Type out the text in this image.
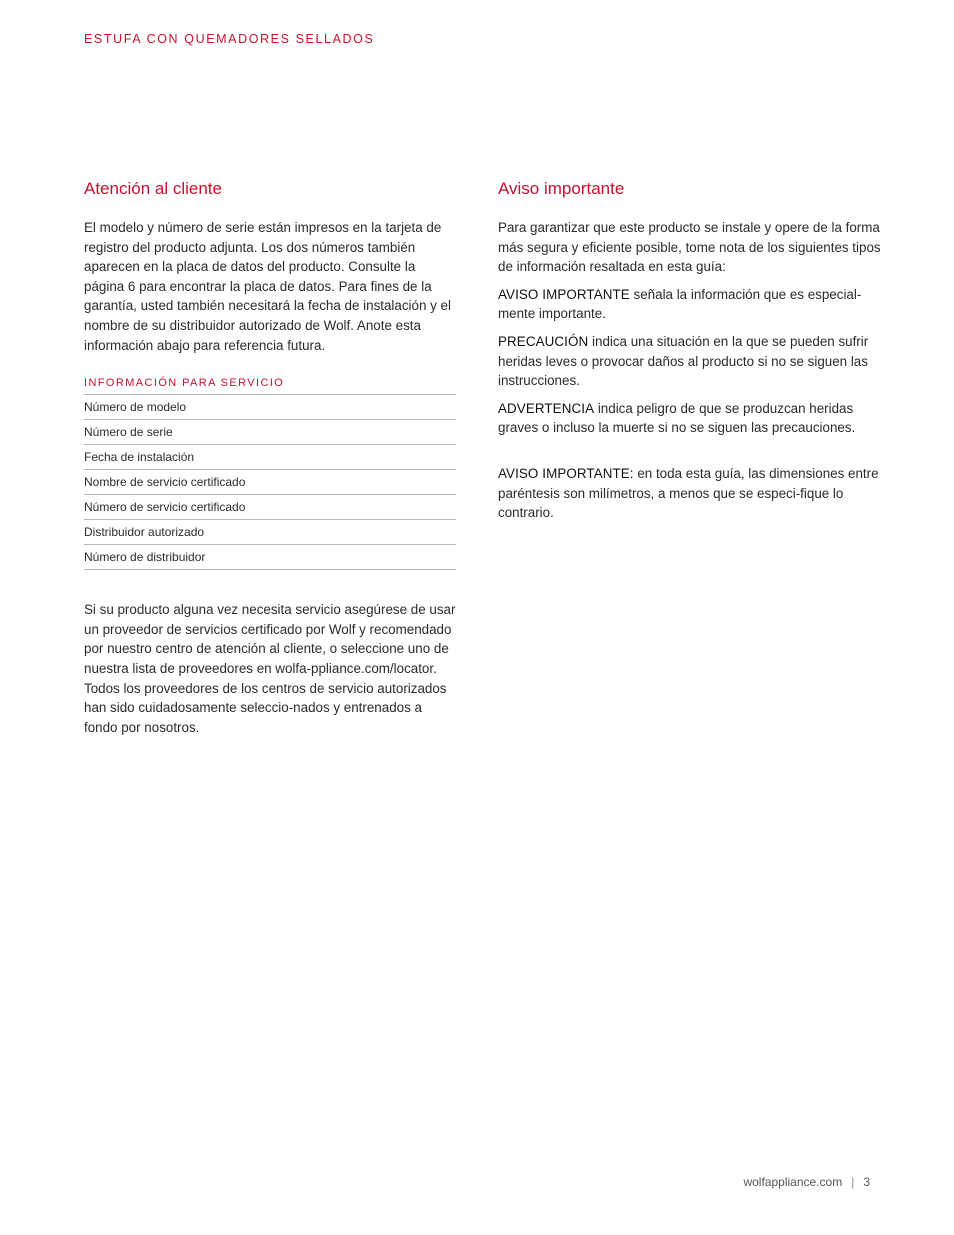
ESTUFA CON QUEMADORES SELLADOS
Atención al cliente

El modelo y número de serie están impresos en la tarjeta de registro del producto adjunta. Los dos números también aparecen en la placa de datos del producto. Consulte la página 6 para encontrar la placa de datos. Para fines de la garantía, usted también necesitará la fecha de instalación y el nombre de su distribuidor autorizado de Wolf. Anote esta información abajo para referencia futura.

INFORMACIÓN PARA SERVICIO
Número de modelo
Número de serie
Fecha de instalación
Nombre de servicio certificado
Número de servicio certificado
Distribuidor autorizado
Número de distribuidor

Si su producto alguna vez necesita servicio asegúrese de usar un proveedor de servicios certificado por Wolf y recomendado por nuestro centro de atención al cliente, o seleccione uno de nuestra lista de proveedores en wolfa-ppliance.com/locator. Todos los proveedores de los centros de servicio autorizados han sido cuidadosamente seleccio-nados y entrenados a fondo por nosotros.

Aviso importante

Para garantizar que este producto se instale y opere de la forma más segura y eficiente posible, tome nota de los siguientes tipos de información resaltada en esta guía:

AVISO IMPORTANTE señala la información que es especial-mente importante.

PRECAUCIÓN indica una situación en la que se pueden sufrir heridas leves o provocar daños al producto si no se siguen las instrucciones.

ADVERTENCIA indica peligro de que se produzcan heridas graves o incluso la muerte si no se siguen las precauciones.

AVISO IMPORTANTE: en toda esta guía, las dimensiones entre paréntesis son milímetros, a menos que se especi-fique lo contrario.

wolfappliance.com | 3
